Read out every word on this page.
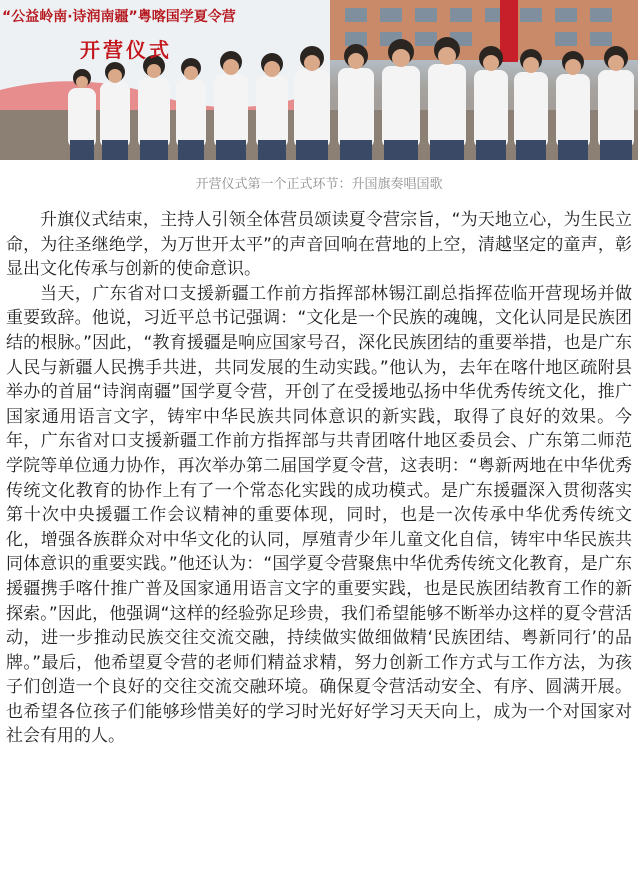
“公益岭南·诗润南疆”粤喀国学夏令营
开营仪式
开营仪式第一个正式环节：升国旗奏唱国歌

升旗仪式结束，主持人引领全体营员颂读夏令营宗旨，“为天地立心，为生民立命，为往圣继绝学，为万世开太平”的声音回响在营地的上空，清越坚定的童声，彰显出文化传承与创新的使命意识。

当天，广东省对口支援新疆工作前方指挥部林锡江副总指挥莅临开营现场并做重要致辞。他说，习近平总书记强调：“文化是一个民族的魂魄，文化认同是民族团结的根脉。”因此，“教育援疆是响应国家号召，深化民族团结的重要举措，也是广东人民与新疆人民携手共进，共同发展的生动实践。”他认为，去年在喀什地区疏附县举办的首届“诗润南疆”国学夏令营，开创了在受援地弘扬中华优秀传统文化，推广国家通用语言文字，铸牢中华民族共同体意识的新实践，取得了良好的效果。今年，广东省对口支援新疆工作前方指挥部与共青团喀什地区委员会、广东第二师范学院等单位通力协作，再次举办第二届国学夏令营，这表明：“粤新两地在中华优秀传统文化教育的协作上有了一个常态化实践的成功模式。是广东援疆深入贯彻落实第十次中央援疆工作会议精神的重要体现，同时，也是一次传承中华优秀传统文化，增强各族群众对中华文化的认同，厚殖青少年儿童文化自信，铸牢中华民族共同体意识的重要实践。”他还认为：“国学夏令营聚焦中华优秀传统文化教育，是广东援疆携手喀什推广普及国家通用语言文字的重要实践，也是民族团结教育工作的新探索。”因此，他强调“这样的经验弥足珍贵，我们希望能够不断举办这样的夏令营活动，进一步推动民族交往交流交融，持续做实做细做精‘民族团结、粤新同行’的品牌。”最后，他希望夏令营的老师们精益求精，努力创新工作方式与工作方法，为孩子们创造一个良好的交往交流交融环境。确保夏令营活动安全、有序、圆满开展。也希望各位孩子们能够珍惜美好的学习时光好好学习天天向上，成为一个对国家对社会有用的人。
